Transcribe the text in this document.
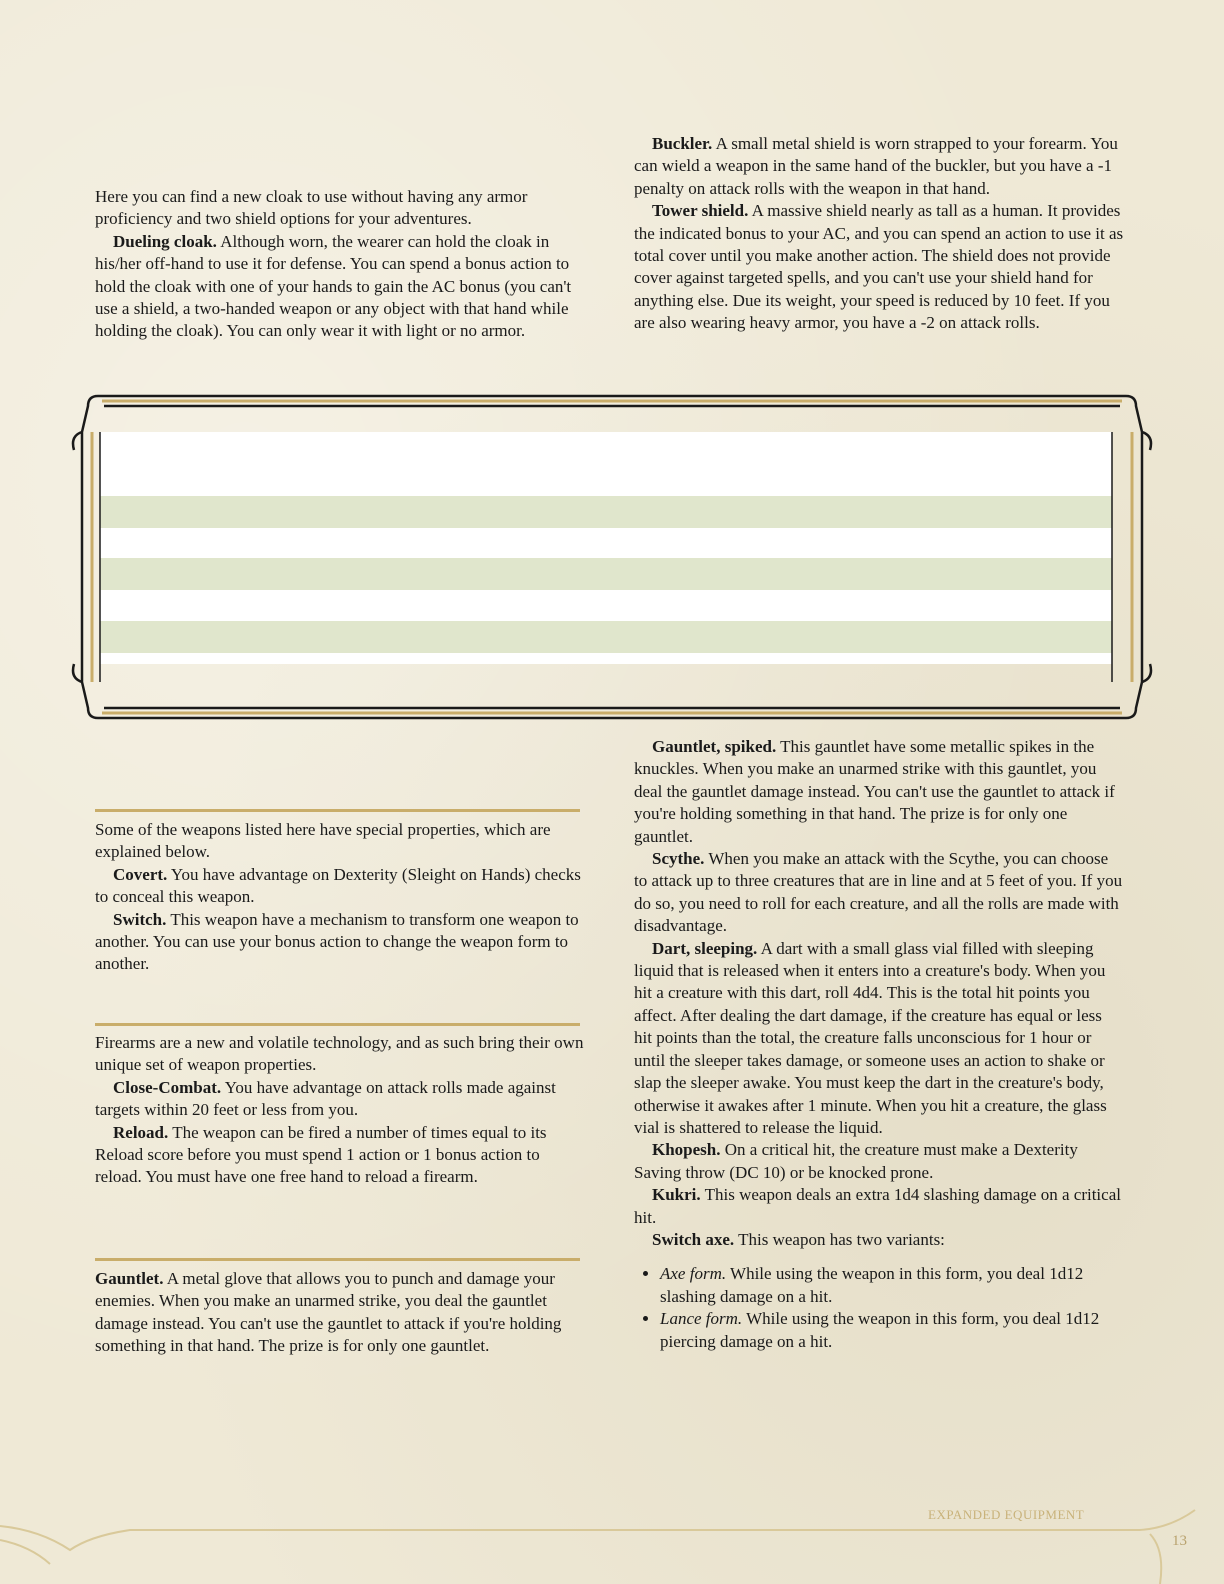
Here you can find a new cloak to use without having any armor proficiency and two shield options for your adventures.

Dueling cloak. Although worn, the wearer can hold the cloak in his/her off-hand to use it for defense. You can spend a bonus action to hold the cloak with one of your hands to gain the AC bonus (you can't use a shield, a two-handed weapon or any object with that hand while holding the cloak). You can only wear it with light or no armor.

Buckler. A small metal shield is worn strapped to your forearm. You can wield a weapon in the same hand of the buckler, but you have a -1 penalty on attack rolls with the weapon in that hand.

Tower shield. A massive shield nearly as tall as a human. It provides the indicated bonus to your AC, and you can spend an action to use it as total cover until you make another action. The shield does not provide cover against targeted spells, and you can't use your shield hand for anything else. Due its weight, your speed is reduced by 10 feet. If you are also wearing heavy armor, you have a -2 on attack rolls.

Some of the weapons listed here have special properties, which are explained below.

Covert. You have advantage on Dexterity (Sleight on Hands) checks to conceal this weapon.

Switch. This weapon have a mechanism to transform one weapon to another. You can use your bonus action to change the weapon form to another.

Firearms are a new and volatile technology, and as such bring their own unique set of weapon properties.

Close-Combat. You have advantage on attack rolls made against targets within 20 feet or less from you.

Reload. The weapon can be fired a number of times equal to its Reload score before you must spend 1 action or 1 bonus action to reload. You must have one free hand to reload a firearm.

Gauntlet. A metal glove that allows you to punch and damage your enemies. When you make an unarmed strike, you deal the gauntlet damage instead. You can't use the gauntlet to attack if you're holding something in that hand. The prize is for only one gauntlet.

Gauntlet, spiked. This gauntlet have some metallic spikes in the knuckles. When you make an unarmed strike with this gauntlet, you deal the gauntlet damage instead. You can't use the gauntlet to attack if you're holding something in that hand. The prize is for only one gauntlet.

Scythe. When you make an attack with the Scythe, you can choose to attack up to three creatures that are in line and at 5 feet of you. If you do so, you need to roll for each creature, and all the rolls are made with disadvantage.

Dart, sleeping. A dart with a small glass vial filled with sleeping liquid that is released when it enters into a creature's body. When you hit a creature with this dart, roll 4d4. This is the total hit points you affect. After dealing the dart damage, if the creature has equal or less hit points than the total, the creature falls unconscious for 1 hour or until the sleeper takes damage, or someone uses an action to shake or slap the sleeper awake. You must keep the dart in the creature's body, otherwise it awakes after 1 minute. When you hit a creature, the glass vial is shattered to release the liquid.

Khopesh. On a critical hit, the creature must make a Dexterity Saving throw (DC 10) or be knocked prone.

Kukri. This weapon deals an extra 1d4 slashing damage on a critical hit.

Switch axe. This weapon has two variants:

• Axe form. While using the weapon in this form, you deal 1d12 slashing damage on a hit.
• Lance form. While using the weapon in this form, you deal 1d12 piercing damage on a hit.
EXPANDED EQUIPMENT
13
